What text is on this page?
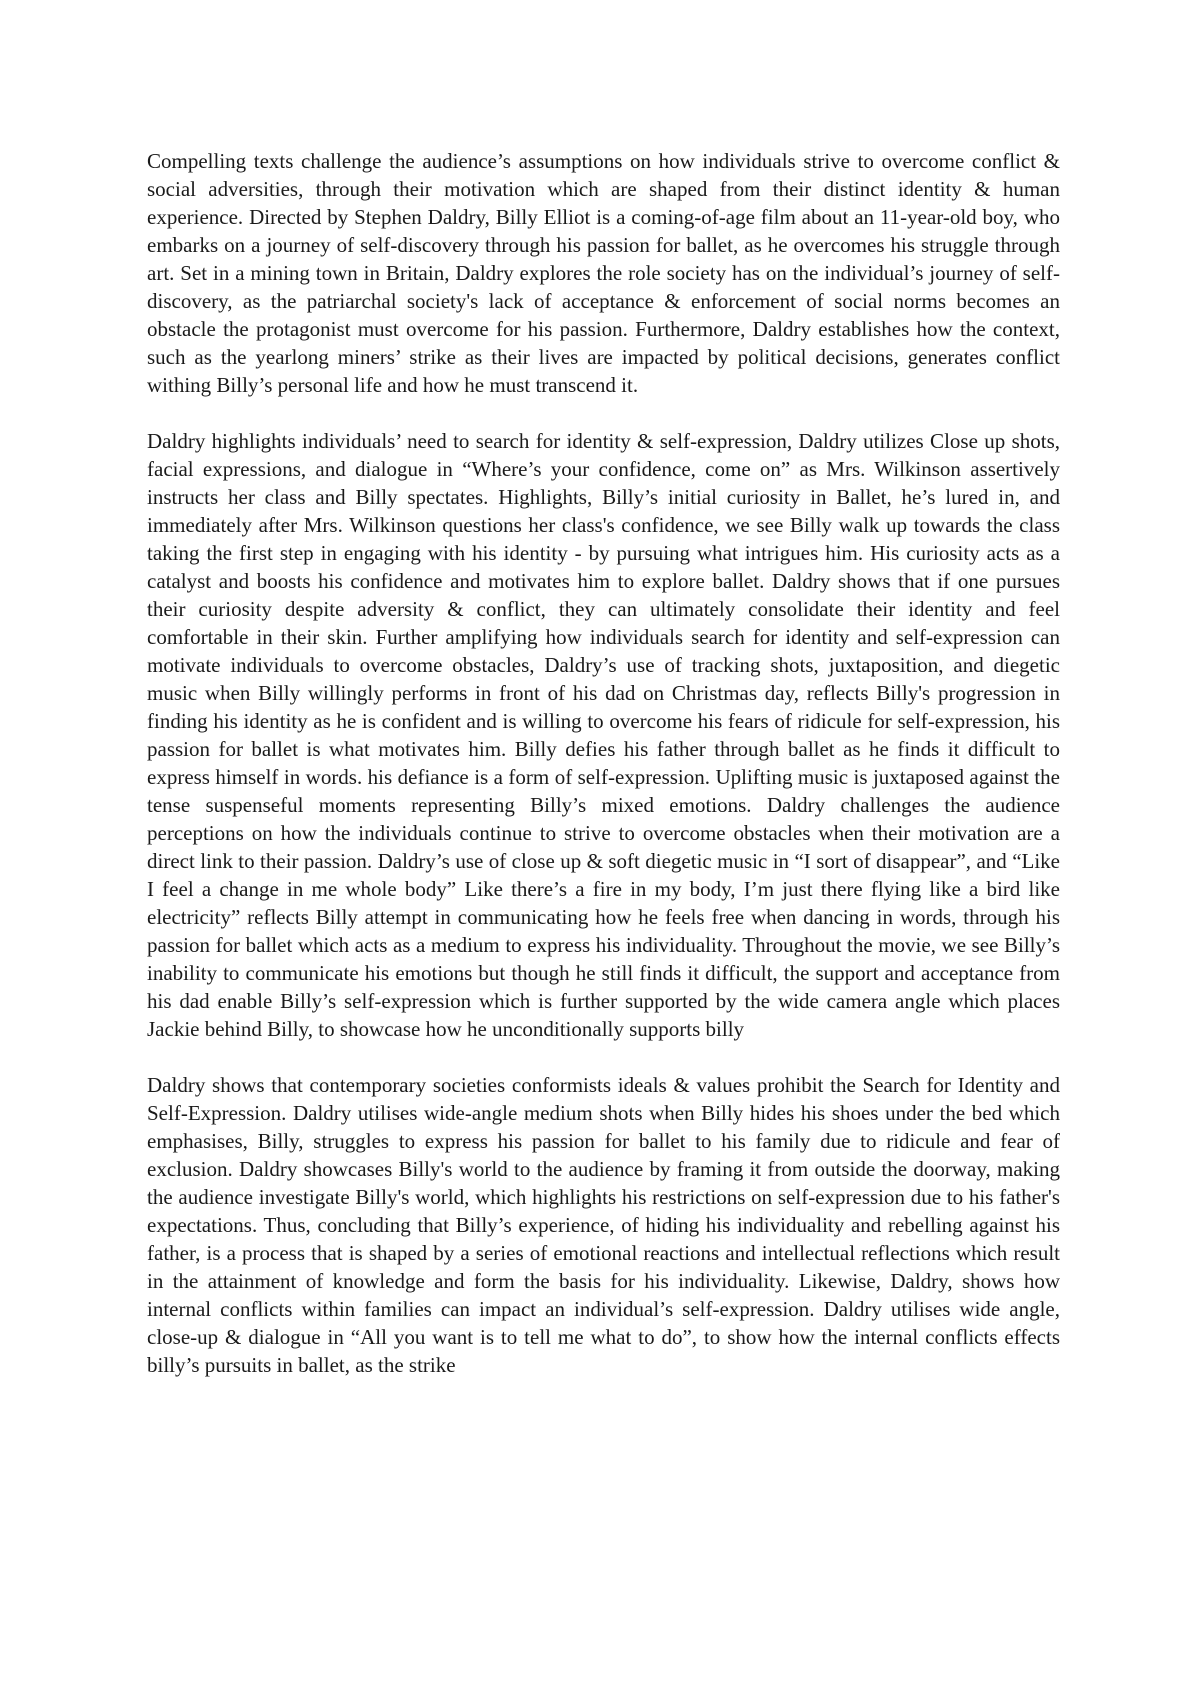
Compelling texts challenge the audience’s assumptions on how individuals strive to overcome conflict & social adversities, through their motivation which are shaped from their distinct identity & human experience. Directed by Stephen Daldry, Billy Elliot is a coming-of-age film about an 11-year-old boy, who embarks on a journey of self-discovery through his passion for ballet, as he overcomes his struggle through art. Set in a mining town in Britain, Daldry explores the role society has on the individual’s journey of self-discovery, as the patriarchal society's lack of acceptance & enforcement of social norms becomes an obstacle the protagonist must overcome for his passion. Furthermore, Daldry establishes how the context, such as the yearlong miners’ strike as their lives are impacted by political decisions, generates conflict withing Billy’s personal life and how he must transcend it.

Daldry highlights individuals’ need to search for identity & self-expression, Daldry utilizes Close up shots, facial expressions, and dialogue in “Where’s your confidence, come on” as Mrs. Wilkinson assertively instructs her class and Billy spectates. Highlights, Billy’s initial curiosity in Ballet, he’s lured in, and immediately after Mrs. Wilkinson questions her class's confidence, we see Billy walk up towards the class taking the first step in engaging with his identity - by pursuing what intrigues him. His curiosity acts as a catalyst and boosts his confidence and motivates him to explore ballet. Daldry shows that if one pursues their curiosity despite adversity & conflict, they can ultimately consolidate their identity and feel comfortable in their skin. Further amplifying how individuals search for identity and self-expression can motivate individuals to overcome obstacles, Daldry’s use of tracking shots, juxtaposition, and diegetic music when Billy willingly performs in front of his dad on Christmas day, reflects Billy's progression in finding his identity as he is confident and is willing to overcome his fears of ridicule for self-expression, his passion for ballet is what motivates him. Billy defies his father through ballet as he finds it difficult to express himself in words. his defiance is a form of self-expression. Uplifting music is juxtaposed against the tense suspenseful moments representing Billy’s mixed emotions. Daldry challenges the audience perceptions on how the individuals continue to strive to overcome obstacles when their motivation are a direct link to their passion. Daldry’s use of close up & soft diegetic music in “I sort of disappear”, and “Like I feel a change in me whole body” Like there’s a fire in my body, I’m just there flying like a bird like electricity” reflects Billy attempt in communicating how he feels free when dancing in words, through his passion for ballet which acts as a medium to express his individuality. Throughout the movie, we see Billy’s inability to communicate his emotions but though he still finds it difficult, the support and acceptance from his dad enable Billy’s self-expression which is further supported by the wide camera angle which places Jackie behind Billy, to showcase how he unconditionally supports billy

Daldry shows that contemporary societies conformists ideals & values prohibit the Search for Identity and Self-Expression. Daldry utilises wide-angle medium shots when Billy hides his shoes under the bed which emphasises, Billy, struggles to express his passion for ballet to his family due to ridicule and fear of exclusion. Daldry showcases Billy's world to the audience by framing it from outside the doorway, making the audience investigate Billy's world, which highlights his restrictions on self-expression due to his father's expectations. Thus, concluding that Billy’s experience, of hiding his individuality and rebelling against his father, is a process that is shaped by a series of emotional reactions and intellectual reflections which result in the attainment of knowledge and form the basis for his individuality. Likewise, Daldry, shows how internal conflicts within families can impact an individual’s self-expression. Daldry utilises wide angle, close-up & dialogue in “All you want is to tell me what to do”, to show how the internal conflicts effects billy’s pursuits in ballet, as the strike
